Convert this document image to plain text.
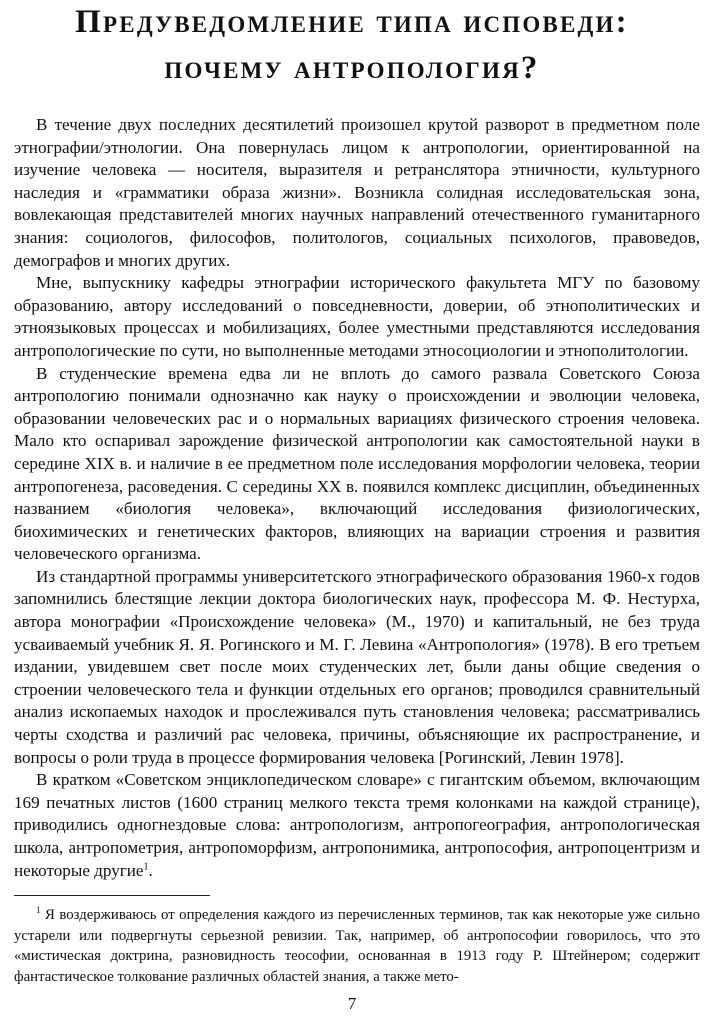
Предуведомление типа исповеди:
почему антропология?

В течение двух последних десятилетий произошел крутой разворот в предметном поле этнографии/этнологии. Она повернулась лицом к антропологии, ориентированной на изучение человека — носителя, выразителя и ретранслятора этничности, культурного наследия и «грамматики образа жизни». Возникла солидная исследовательская зона, вовлекающая представителей многих научных направлений отечественного гуманитарного знания: социологов, философов, политологов, социальных психологов, правоведов, демографов и многих других.

Мне, выпускнику кафедры этнографии исторического факультета МГУ по базовому образованию, автору исследований о повседневности, доверии, об этнополитических и этноязыковых процессах и мобилизациях, более уместными представляются исследования антропологические по сути, но выполненные методами этносоциологии и этнополитологии.

В студенческие времена едва ли не вплоть до самого развала Советского Союза антропологию понимали однозначно как науку о происхождении и эволюции человека, образовании человеческих рас и о нормальных вариациях физического строения человека. Мало кто оспаривал зарождение физической антропологии как самостоятельной науки в середине XIX в. и наличие в ее предметном поле исследования морфологии человека, теории антропогенеза, расоведения. С середины XX в. появился комплекс дисциплин, объединенных названием «биология человека», включающий исследования физиологических, биохимических и генетических факторов, влияющих на вариации строения и развития человеческого организма.

Из стандартной программы университетского этнографического образования 1960-х годов запомнились блестящие лекции доктора биологических наук, профессора М. Ф. Нестурха, автора монографии «Происхождение человека» (М., 1970) и капитальный, не без труда усваиваемый учебник Я. Я. Рогинского и М. Г. Левина «Антропология» (1978). В его третьем издании, увидевшем свет после моих студенческих лет, были даны общие сведения о строении человеческого тела и функции отдельных его органов; проводился сравнительный анализ ископаемых находок и прослеживался путь становления человека; рассматривались черты сходства и различий рас человека, причины, объясняющие их распространение, и вопросы о роли труда в процессе формирования человека [Рогинский, Левин 1978].

В кратком «Советском энциклопедическом словаре» с гигантским объемом, включающим 169 печатных листов (1600 страниц мелкого текста тремя колонками на каждой странице), приводились одногнездовые слова: антропологизм, антропогеография, антропологическая школа, антропометрия, антропоморфизм, антропонимика, антропософия, антропоцентризм и некоторые другие$^1$.

$^1$ Я воздерживаюсь от определения каждого из перечисленных терминов, так как некоторые уже сильно устарели или подвергнуты серьезной ревизии. Так, например, об антропософии говорилось, что это «мистическая доктрина, разновидность теософии, основанная в 1913 году Р. Штейнером; содержит фантастическое толкование различных областей знания, а также мето-

7
